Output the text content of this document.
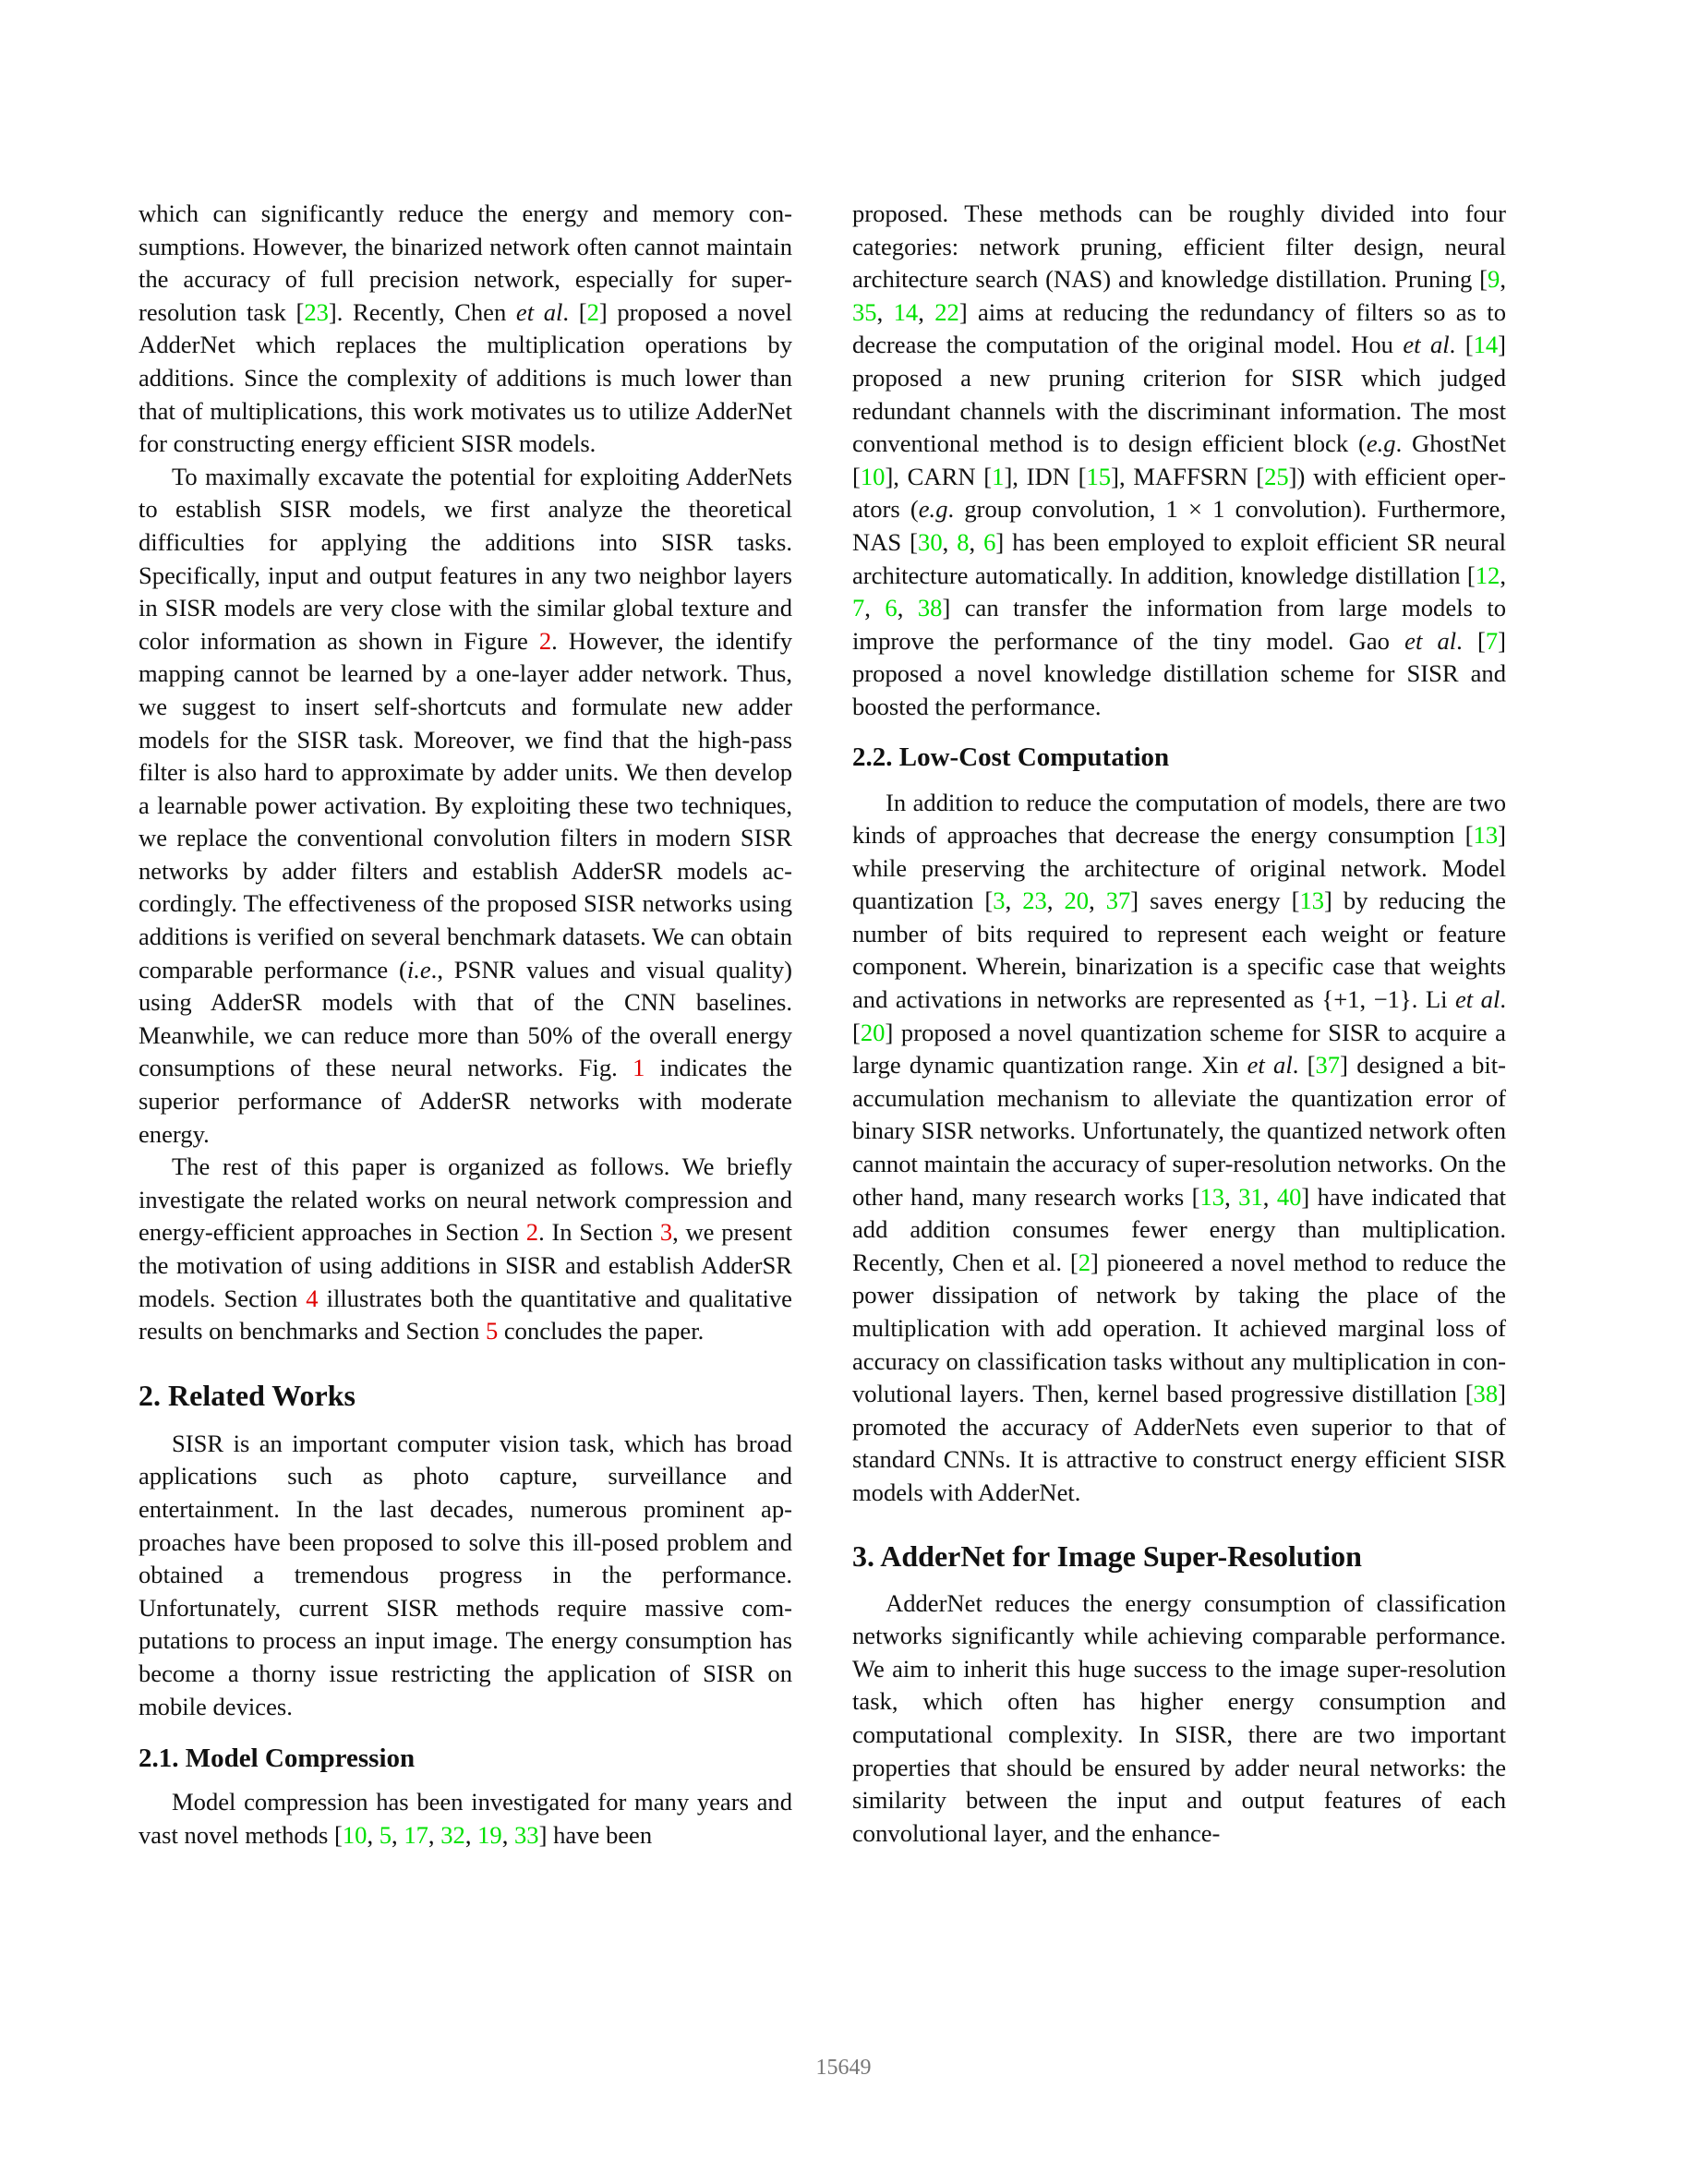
which can significantly reduce the energy and memory consumptions. However, the binarized network often cannot maintain the accuracy of full precision network, especially for super-resolution task [23]. Recently, Chen et al. [2] proposed a novel AdderNet which replaces the multiplication operations by additions. Since the complexity of additions is much lower than that of multiplications, this work motivates us to utilize AdderNet for constructing energy efficient SISR models.

To maximally excavate the potential for exploiting AdderNets to establish SISR models, we first analyze the theoretical difficulties for applying the additions into SISR tasks. Specifically, input and output features in any two neighbor layers in SISR models are very close with the similar global texture and color information as shown in Figure 2. However, the identify mapping cannot be learned by a one-layer adder network. Thus, we suggest to insert self-shortcuts and formulate new adder models for the SISR task. Moreover, we find that the high-pass filter is also hard to approximate by adder units. We then develop a learnable power activation. By exploiting these two techniques, we replace the conventional convolution filters in modern SISR networks by adder filters and establish AdderSR models accordingly. The effectiveness of the proposed SISR networks using additions is verified on several benchmark datasets. We can obtain comparable performance (i.e., PSNR values and visual quality) using AdderSR models with that of the CNN baselines. Meanwhile, we can reduce more than 50% of the overall energy consumptions of these neural networks. Fig. 1 indicates the superior performance of AdderSR networks with moderate energy.

The rest of this paper is organized as follows. We briefly investigate the related works on neural network compression and energy-efficient approaches in Section 2. In Section 3, we present the motivation of using additions in SISR and establish AdderSR models. Section 4 illustrates both the quantitative and qualitative results on benchmarks and Section 5 concludes the paper.

2. Related Works

SISR is an important computer vision task, which has broad applications such as photo capture, surveillance and entertainment. In the last decades, numerous prominent approaches have been proposed to solve this ill-posed problem and obtained a tremendous progress in the performance. Unfortunately, current SISR methods require massive computations to process an input image. The energy consumption has become a thorny issue restricting the application of SISR on mobile devices.

2.1. Model Compression

Model compression has been investigated for many years and vast novel methods [10, 5, 17, 32, 19, 33] have been

proposed. These methods can be roughly divided into four categories: network pruning, efficient filter design, neural architecture search (NAS) and knowledge distillation. Pruning [9, 35, 14, 22] aims at reducing the redundancy of filters so as to decrease the computation of the original model. Hou et al. [14] proposed a new pruning criterion for SISR which judged redundant channels with the discriminant information. The most conventional method is to design efficient block (e.g. GhostNet [10], CARN [1], IDN [15], MAFFSRN [25]) with efficient operators (e.g. group convolution, 1 × 1 convolution). Furthermore, NAS [30, 8, 6] has been employed to exploit efficient SR neural architecture automatically. In addition, knowledge distillation [12, 7, 6, 38] can transfer the information from large models to improve the performance of the tiny model. Gao et al. [7] proposed a novel knowledge distillation scheme for SISR and boosted the performance.

2.2. Low-Cost Computation

In addition to reduce the computation of models, there are two kinds of approaches that decrease the energy consumption [13] while preserving the architecture of original network. Model quantization [3, 23, 20, 37] saves energy [13] by reducing the number of bits required to represent each weight or feature component. Wherein, binarization is a specific case that weights and activations in networks are represented as {+1, −1}. Li et al. [20] proposed a novel quantization scheme for SISR to acquire a large dynamic quantization range. Xin et al. [37] designed a bit-accumulation mechanism to alleviate the quantization error of binary SISR networks. Unfortunately, the quantized network often cannot maintain the accuracy of super-resolution networks. On the other hand, many research works [13, 31, 40] have indicated that add addition consumes fewer energy than multiplication. Recently, Chen et al. [2] pioneered a novel method to reduce the power dissipation of network by taking the place of the multiplication with add operation. It achieved marginal loss of accuracy on classification tasks without any multiplication in convolutional layers. Then, kernel based progressive distillation [38] promoted the accuracy of AdderNets even superior to that of standard CNNs. It is attractive to construct energy efficient SISR models with AdderNet.

3. AdderNet for Image Super-Resolution

AdderNet reduces the energy consumption of classification networks significantly while achieving comparable performance. We aim to inherit this huge success to the image super-resolution task, which often has higher energy consumption and computational complexity. In SISR, there are two important properties that should be ensured by adder neural networks: the similarity between the input and output features of each convolutional layer, and the enhance-

15649
